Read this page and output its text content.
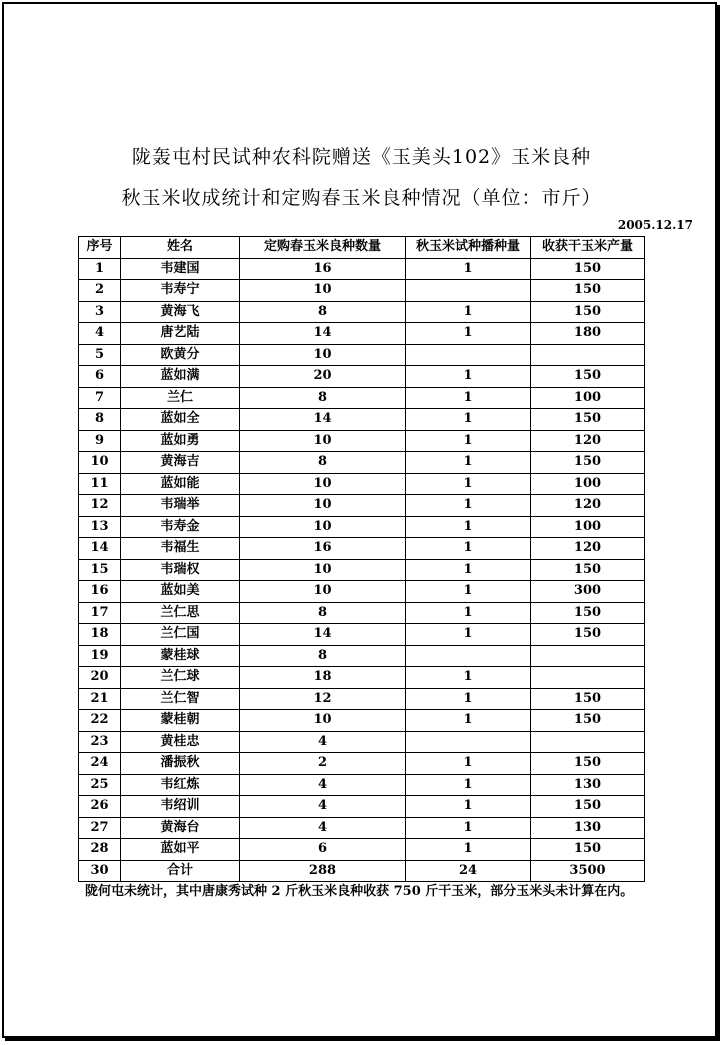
陇轰屯村民试种农科院赠送《玉美头102》玉米良种
秋玉米收成统计和定购春玉米良种情况（单位：市斤）
2005.12.17
序号	姓名	定购春玉米良种数量	秋玉米试种播种量	收获干玉米产量
1	韦建国	16	1	150
2	韦寿宁	10		150
3	黄海飞	8	1	150
4	唐艺陆	14	1	180
5	欧黄分	10		
6	蓝如满	20	1	150
7	兰仁	8	1	100
8	蓝如全	14	1	150
9	蓝如勇	10	1	120
10	黄海吉	8	1	150
11	蓝如能	10	1	100
12	韦瑞举	10	1	120
13	韦寿金	10	1	100
14	韦福生	16	1	120
15	韦瑞权	10	1	150
16	蓝如美	10	1	300
17	兰仁思	8	1	150
18	兰仁国	14	1	150
19	蒙桂球	8		
20	兰仁球	18	1	
21	兰仁智	12	1	150
22	蒙桂朝	10	1	150
23	黄桂忠	4		
24	潘振秋	2	1	150
25	韦红炼	4	1	130
26	韦绍训	4	1	150
27	黄海台	4	1	130
28	蓝如平	6	1	150
30	合计	288	24	3500
陇何屯未统计，其中唐康秀试种 2 斤秋玉米良种收获 750 斤干玉米，部分玉米头未计算在内。
